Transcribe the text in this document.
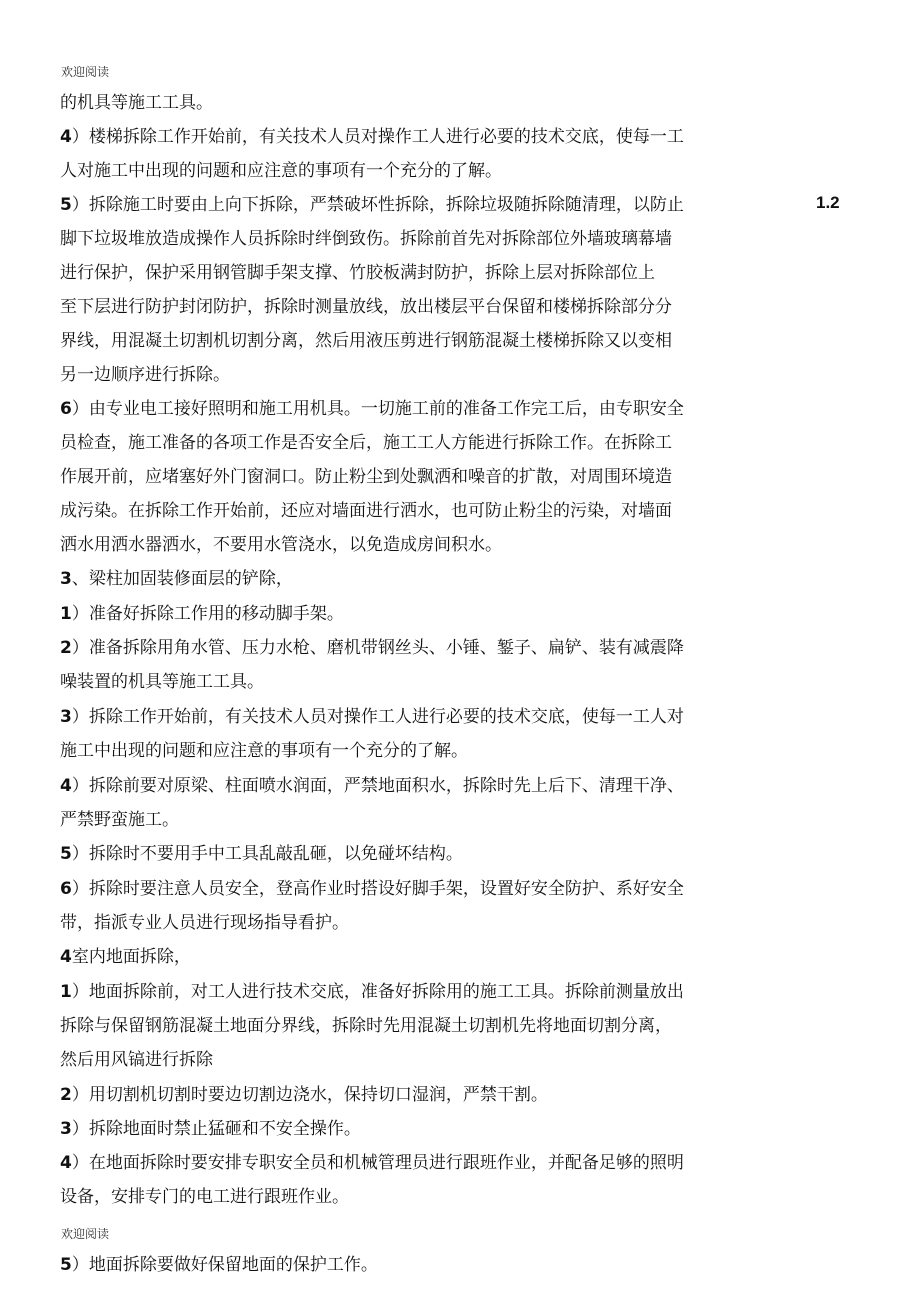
欢迎阅读
1.2
欢迎阅读
的机具等施工工具。
4）楼梯拆除工作开始前，有关技术人员对操作工人进行必要的技术交底，使每一工
人对施工中出现的问题和应注意的事项有一个充分的了解。
5）拆除施工时要由上向下拆除，严禁破坏性拆除，拆除垃圾随拆除随清理，以防止
脚下垃圾堆放造成操作人员拆除时绊倒致伤。拆除前首先对拆除部位外墙玻璃幕墙
进行保护，保护采用钢管脚手架支撑、竹胶板满封防护，拆除上层对拆除部位上
至下层进行防护封闭防护，拆除时测量放线，放出楼层平台保留和楼梯拆除部分分
界线，用混凝土切割机切割分离，然后用液压剪进行钢筋混凝土楼梯拆除又以变相
另一边顺序进行拆除。
6）由专业电工接好照明和施工用机具。一切施工前的准备工作完工后，由专职安全
员检查，施工准备的各项工作是否安全后，施工工人方能进行拆除工作。在拆除工
作展开前，应堵塞好外门窗洞口。防止粉尘到处飘洒和噪音的扩散，对周围环境造
成污染。在拆除工作开始前，还应对墙面进行洒水，也可防止粉尘的污染，对墙面
洒水用洒水器洒水，不要用水管浇水，以免造成房间积水。
3、梁柱加固装修面层的铲除，
1）准备好拆除工作用的移动脚手架。
2）准备拆除用角水管、压力水枪、磨机带钢丝头、小锤、錾子、扁铲、装有减震降
噪装置的机具等施工工具。
3）拆除工作开始前，有关技术人员对操作工人进行必要的技术交底，使每一工人对
施工中出现的问题和应注意的事项有一个充分的了解。
4）拆除前要对原梁、柱面喷水润面，严禁地面积水，拆除时先上后下、清理干净、
严禁野蛮施工。
5）拆除时不要用手中工具乱敲乱砸，以免碰坏结构。
6）拆除时要注意人员安全，登高作业时搭设好脚手架，设置好安全防护、系好安全
带，指派专业人员进行现场指导看护。
4室内地面拆除，
1）地面拆除前，对工人进行技术交底，准备好拆除用的施工工具。拆除前测量放出
拆除与保留钢筋混凝土地面分界线，拆除时先用混凝土切割机先将地面切割分离，
然后用风镐进行拆除
2）用切割机切割时要边切割边浇水，保持切口湿润，严禁干割。
3）拆除地面时禁止猛砸和不安全操作。
4）在地面拆除时要安排专职安全员和机械管理员进行跟班作业，并配备足够的照明
设备，安排专门的电工进行跟班作业。
5）地面拆除要做好保留地面的保护工作。
